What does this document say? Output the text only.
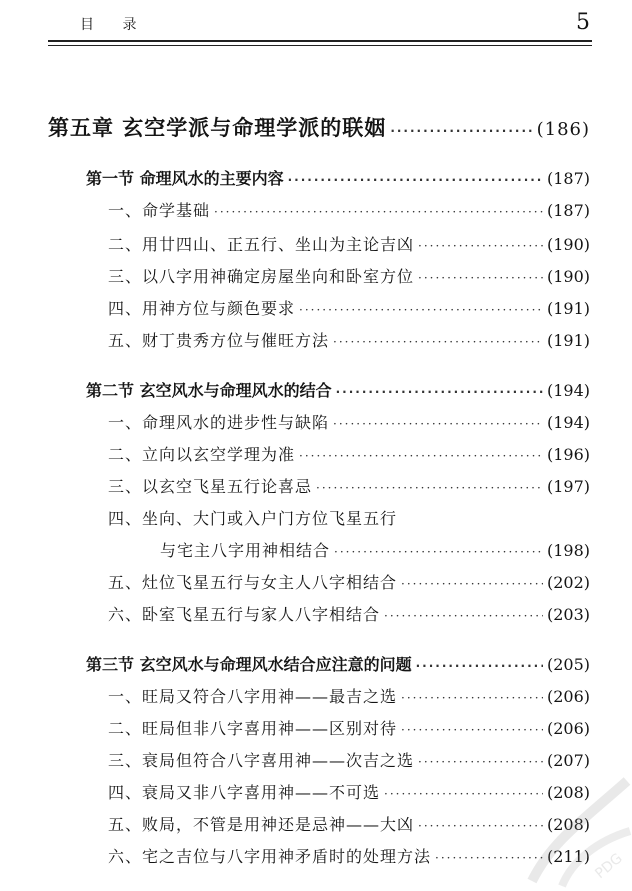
目 录	5
第五章 玄空学派与命理学派的联姻 ·····	(186)
第一节 命理风水的主要内容 ·····	(187)
一、命学基础 ·····	(187)
二、用廿四山、正五行、坐山为主论吉凶 ·····	(190)
三、以八字用神确定房屋坐向和卧室方位 ·····	(190)
四、用神方位与颜色要求 ·····	(191)
五、财丁贵秀方位与催旺方法 ·····	(191)
第二节 玄空风水与命理风水的结合 ·····	(194)
一、命理风水的进步性与缺陷 ·····	(194)
二、立向以玄空学理为准 ·····	(196)
三、以玄空飞星五行论喜忌 ·····	(197)
四、坐向、大门或入户门方位飞星五行
与宅主八字用神相结合 ·····	(198)
五、灶位飞星五行与女主人八字相结合 ·····	(202)
六、卧室飞星五行与家人八字相结合 ·····	(203)
第三节 玄空风水与命理风水结合应注意的问题 ·····	(205)
一、旺局又符合八字用神——最吉之选 ·····	(206)
二、旺局但非八字喜用神——区别对待 ·····	(206)
三、衰局但符合八字喜用神——次吉之选 ·····	(207)
四、衰局又非八字喜用神——不可选 ·····	(208)
五、败局，不管是用神还是忌神——大凶 ·····	(208)
六、宅之吉位与八字用神矛盾时的处理方法 ·····	(211) PDG
